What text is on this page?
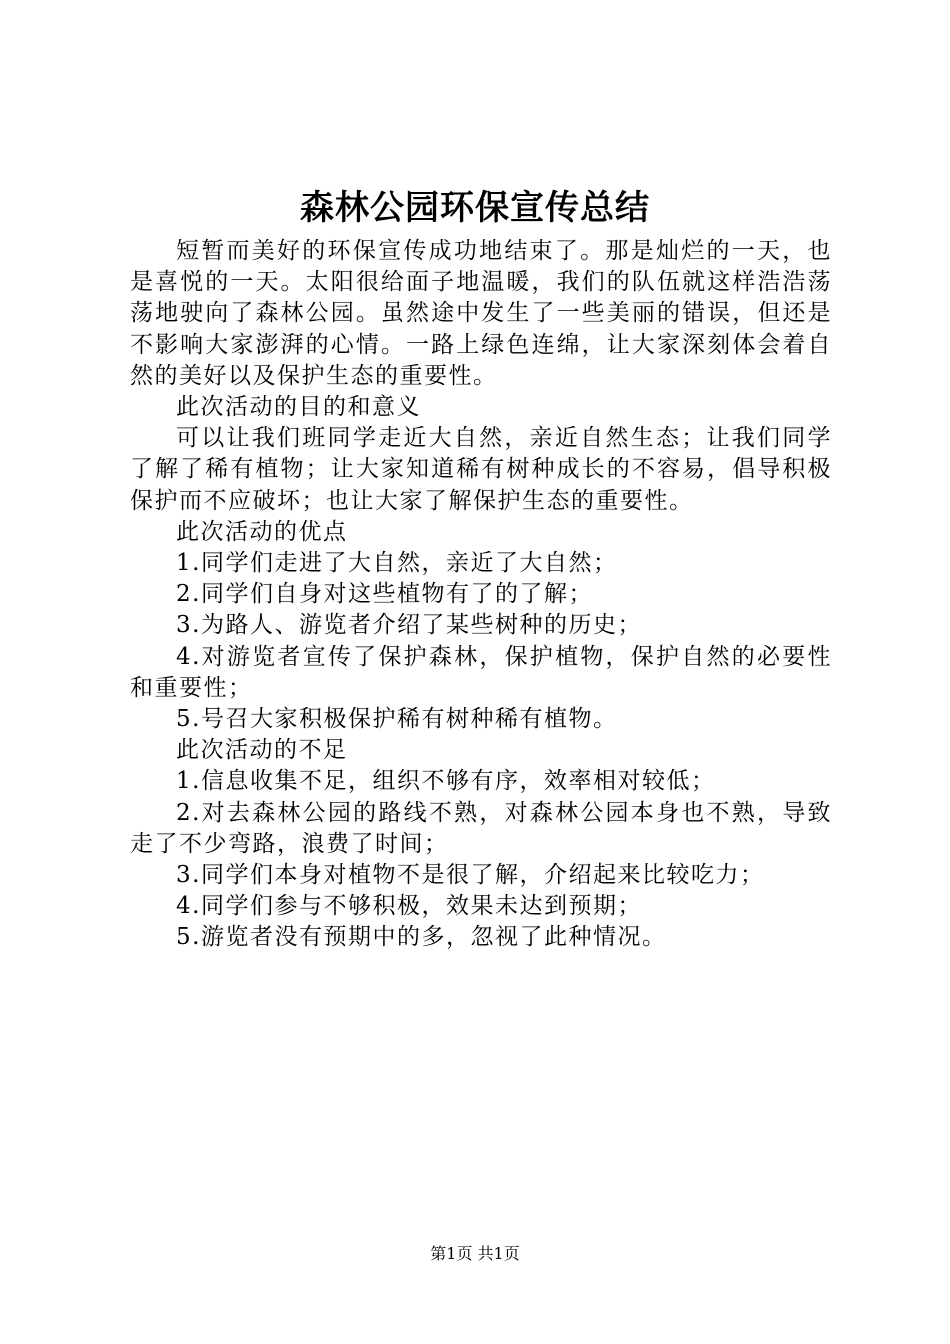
森林公园环保宣传总结

短暂而美好的环保宣传成功地结束了。那是灿烂的一天，也是喜悦的一天。太阳很给面子地温暖，我们的队伍就这样浩浩荡荡地驶向了森林公园。虽然途中发生了一些美丽的错误，但还是不影响大家澎湃的心情。一路上绿色连绵，让大家深刻体会着自然的美好以及保护生态的重要性。

此次活动的目的和意义

可以让我们班同学走近大自然，亲近自然生态；让我们同学了解了稀有植物；让大家知道稀有树种成长的不容易，倡导积极保护而不应破坏；也让大家了解保护生态的重要性。

此次活动的优点

1.同学们走进了大自然，亲近了大自然；

2.同学们自身对这些植物有了的了解；

3.为路人、游览者介绍了某些树种的历史；

4.对游览者宣传了保护森林，保护植物，保护自然的必要性和重要性；

5.号召大家积极保护稀有树种稀有植物。

此次活动的不足

1.信息收集不足，组织不够有序，效率相对较低；

2.对去森林公园的路线不熟，对森林公园本身也不熟，导致走了不少弯路，浪费了时间；

3.同学们本身对植物不是很了解，介绍起来比较吃力；

4.同学们参与不够积极，效果未达到预期；

5.游览者没有预期中的多，忽视了此种情况。

第1页 共1页
